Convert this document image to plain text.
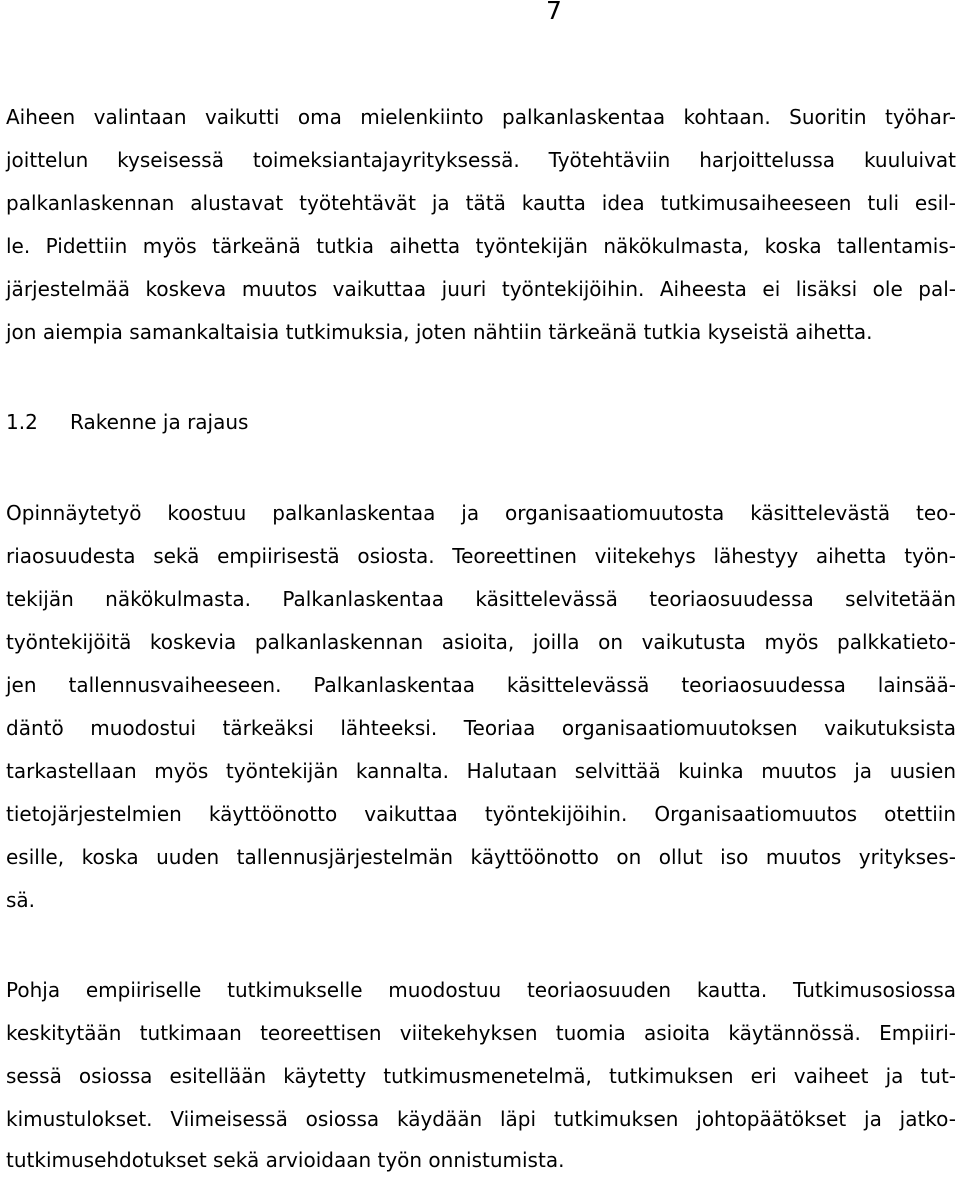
7
Aiheen valintaan vaikutti oma mielenkiinto palkanlaskentaa kohtaan. Suoritin työhar-
joittelun kyseisessä toimeksiantajayrityksessä. Työtehtäviin harjoittelussa kuuluivat
palkanlaskennan alustavat työtehtävät ja tätä kautta idea tutkimusaiheeseen tuli esil-
le. Pidettiin myös tärkeänä tutkia aihetta työntekijän näkökulmasta, koska tallentamis-
järjestelmää koskeva muutos vaikuttaa juuri työntekijöihin. Aiheesta ei lisäksi ole pal-
jon aiempia samankaltaisia tutkimuksia, joten nähtiin tärkeänä tutkia kyseistä aihetta.
1.2 Rakenne ja rajaus
Opinnäytetyö koostuu palkanlaskentaa ja organisaatiomuutosta käsittelevästä teo-
riaosuudesta sekä empiirisestä osiosta. Teoreettinen viitekehys lähestyy aihetta työn-
tekijän näkökulmasta. Palkanlaskentaa käsittelevässä teoriaosuudessa selvitetään
työntekijöitä koskevia palkanlaskennan asioita, joilla on vaikutusta myös palkkatieto-
jen tallennusvaiheeseen. Palkanlaskentaa käsittelevässä teoriaosuudessa lainsää-
däntö muodostui tärkeäksi lähteeksi. Teoriaa organisaatiomuutoksen vaikutuksista
tarkastellaan myös työntekijän kannalta. Halutaan selvittää kuinka muutos ja uusien
tietojärjestelmien käyttöönotto vaikuttaa työntekijöihin. Organisaatiomuutos otettiin
esille, koska uuden tallennusjärjestelmän käyttöönotto on ollut iso muutos yritykses-
sä.
Pohja empiiriselle tutkimukselle muodostuu teoriaosuuden kautta. Tutkimusosiossa
keskitytään tutkimaan teoreettisen viitekehyksen tuomia asioita käytännössä. Empiiri-
sessä osiossa esitellään käytetty tutkimusmenetelmä, tutkimuksen eri vaiheet ja tut-
kimustulokset. Viimeisessä osiossa käydään läpi tutkimuksen johtopäätökset ja jatko-
tutkimusehdotukset sekä arvioidaan työn onnistumista.
